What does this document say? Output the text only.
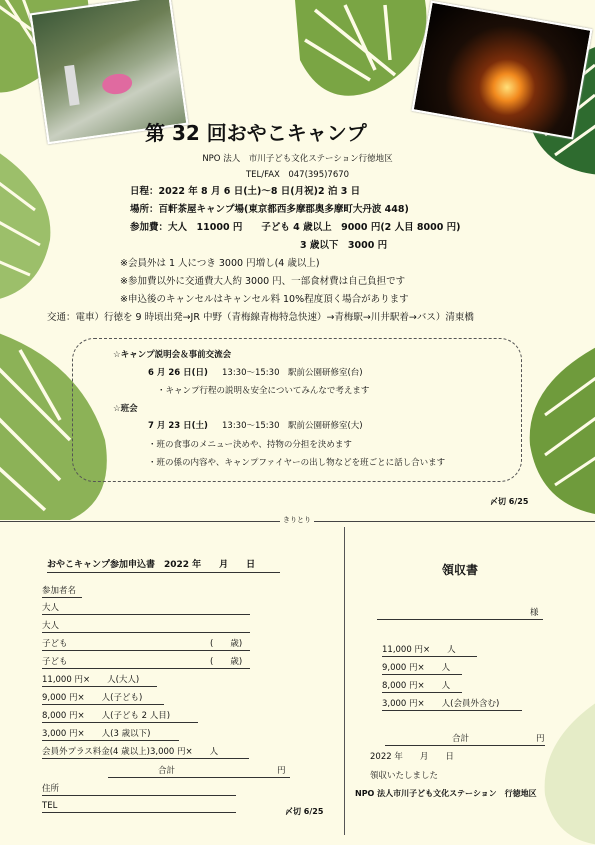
第 32 回おやこキャンプ
NPO 法人　市川子ども文化ステーション行徳地区
TEL/FAX　047(395)7670
日程：2022 年 8 月 6 日(土)～8 日(月祝)2 泊 3 日
場所：百軒茶屋キャンプ場(東京都西多摩郡奥多摩町大丹波 448)
参加費：大人　11000 円　　子ども 4 歳以上　9000 円(2 人目 8000 円)
3 歳以下　3000 円
※会員外は 1 人につき 3000 円増し(4 歳以上)
※参加費以外に交通費大人約 3000 円、一部食材費は自己負担です
※申込後のキャンセルはキャンセル料 10%程度頂く場合があります
交通：電車）行徳を 9 時頃出発→JR 中野（青梅線青梅特急快速）→青梅駅→川井駅着→バス）清東橋
☆キャンプ説明会＆事前交流会
6 月 26 日(日) 13:30～15:30　駅前公園研修室(台)
・キャンプ行程の説明＆安全についてみんなで考えます
☆班会
7 月 23 日(土) 13:30～15:30　駅前公園研修室(大)
・班の食事のメニュー決めや、持物の分担を決めます
・班の係の内容や、キャンプファイヤーの出し物などを班ごとに話し合います
〆切 6/25
きりとり
おやこキャンプ参加申込書　2022 年　　月　　日
参加者名
大人
大人
子ども	(　　歳)
子ども	(　　歳)
11,000 円×　　人(大人)
9,000 円×　　人(子ども)
8,000 円×　　人(子ども 2 人目)
3,000 円×　　人(3 歳以下)
会員外プラス料金(4 歳以上)3,000 円×　　人
合計	円
住所
TEL
〆切 6/25
領収書
様
11,000 円×　　人
9,000 円×　　人
8,000 円×　　人
3,000 円×　　人(会員外含む)
合計	円
2022 年　　月　　日
領収いたしました
NPO 法人市川子ども文化ステーション　行徳地区
